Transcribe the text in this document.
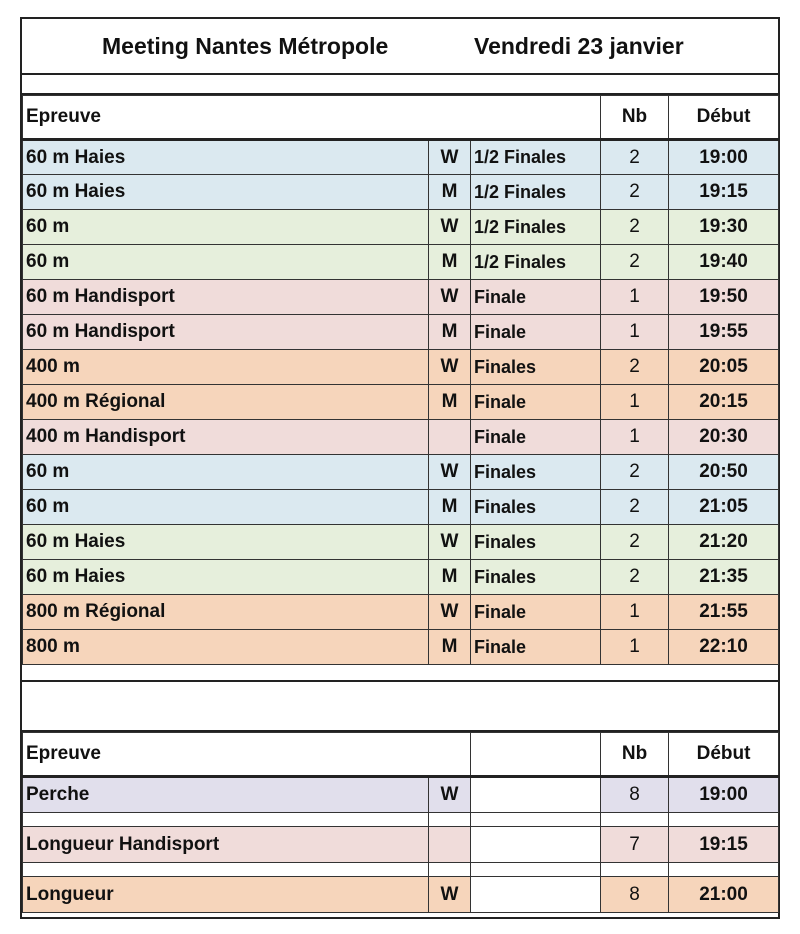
Meeting Nantes Métropole	Vendredi 23 janvier
Epreuve			Nb	Début
60 m Haies	W	1/2 Finales	2	19:00
60 m Haies	M	1/2 Finales	2	19:15
60 m	W	1/2 Finales	2	19:30
60 m	M	1/2 Finales	2	19:40
60 m Handisport	W	Finale	1	19:50
60 m Handisport	M	Finale	1	19:55
400 m	W	Finales	2	20:05
400 m Régional	M	Finale	1	20:15
400 m Handisport		Finale	1	20:30
60 m	W	Finales	2	20:50
60 m	M	Finales	2	21:05
60 m Haies	W	Finales	2	21:20
60 m Haies	M	Finales	2	21:35
800 m Régional	W	Finale	1	21:55
800 m	M	Finale	1	22:10
Epreuve			Nb	Début
Perche	W		8	19:00

Longueur Handisport			7	19:15

Longueur	W		8	21:00
